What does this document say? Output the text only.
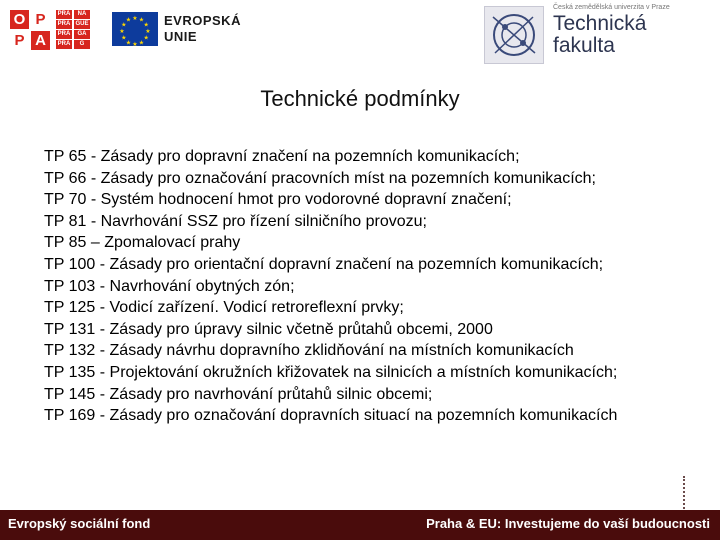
O P
P A
PRA	NA
PRA GUE
PRA	GA
PRA	G
★ ★
★
★
★
★
★
★
★
★
★
★	EVROPSKÁ
UNIE
Česká zemědělská univerzita v Praze
Technická
fakulta
Technické podmínky
TP 65 - Zásady pro dopravní značení na pozemních komunikacích;
TP 66 - Zásady pro označování pracovních míst na pozemních komunikacích;
TP 70 - Systém hodnocení hmot pro vodorovné dopravní značení;
TP 81 - Navrhování SSZ pro řízení silničního provozu;
TP 85 – Zpomalovací prahy
TP 100 - Zásady pro orientační dopravní značení na pozemních komunikacích;
TP 103 - Navrhování obytných zón;
TP 125 - Vodicí zařízení. Vodicí retroreflexní prvky;
TP 131 - Zásady pro úpravy silnic včetně průtahů obcemi, 2000
TP 132 - Zásady návrhu dopravního zklidňování na místních komunikacích
TP 135 - Projektování okružních křižovatek na silnicích a místních komunikacích;
TP 145 - Zásady pro navrhování průtahů silnic obcemi;
TP 169 - Zásady pro označování dopravních situací na pozemních komunikacích
Evropský sociální fond	Praha & EU: Investujeme do vaší budoucnosti
